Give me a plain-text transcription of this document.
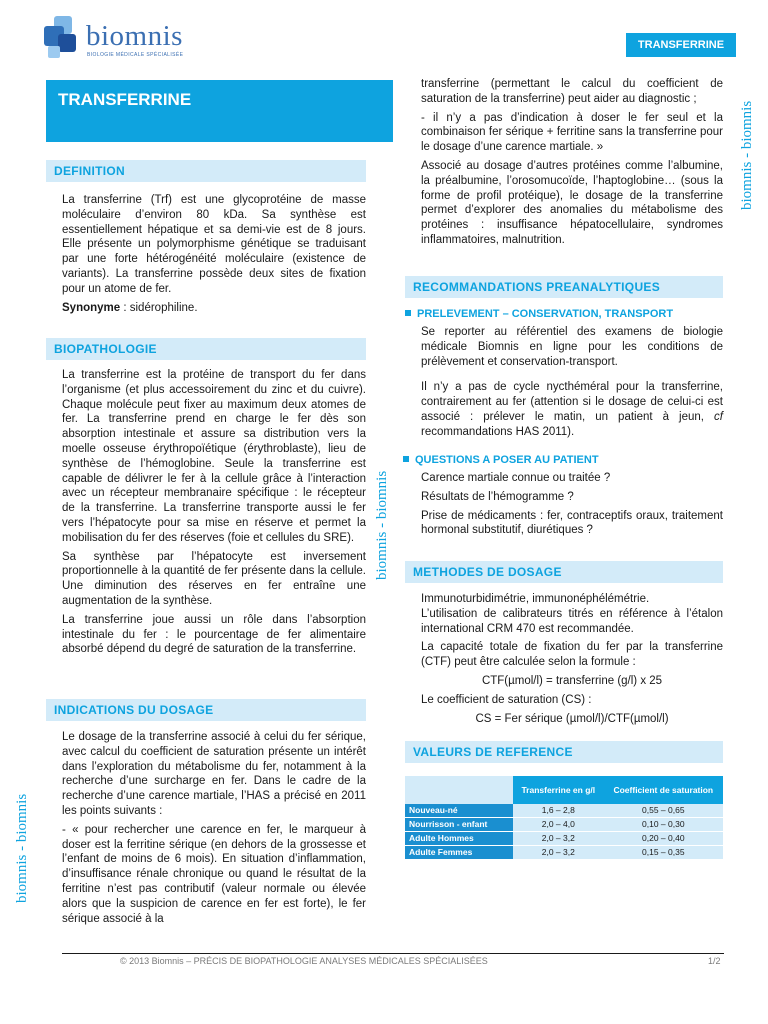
biomnis
BIOLOGIE MÉDICALE SPÉCIALISÉE
TRANSFERRINE
TRANSFERRINE
biomnis - biomnis
biomnis - biomnis
biomnis - biomnis
DEFINITION

La transferrine (Trf) est une glycoprotéine de masse moléculaire d’environ 80 kDa. Sa synthèse est essentiellement hépatique et sa demi-vie est de 8 jours. Elle présente un polymorphisme génétique se traduisant par une forte hétérogénéité moléculaire (existence de variants). La transferrine possède deux sites de fixation pour un atome de fer.

Synonyme : sidérophiline.

BIOPATHOLOGIE

La transferrine est la protéine de transport du fer dans l’organisme (et plus accessoirement du zinc et du cuivre). Chaque molécule peut fixer au maximum deux atomes de fer. La transferrine prend en charge le fer dès son absorption intestinale et assure sa distribution vers la moelle osseuse érythropoïétique (érythroblaste), lieu de synthèse de l’hémoglobine. Seule la transferrine est capable de délivrer le fer à la cellule grâce à l’interaction avec un récepteur membranaire spécifique : le récepteur de la transferrine. La transferrine transporte aussi le fer vers l’hépatocyte pour sa mise en réserve et permet la mobilisation du fer des réserves (foie et cellules du SRE).

Sa synthèse par l’hépatocyte est inversement proportionnelle à la quantité de fer présente dans la cellule. Une diminution des réserves en fer entraîne une augmentation de la synthèse.

La transferrine joue aussi un rôle dans l’absorption intestinale du fer : le pourcentage de fer alimentaire absorbé dépend du degré de saturation de la transferrine.

INDICATIONS DU DOSAGE

Le dosage de la transferrine associé à celui du fer sérique, avec calcul du coefficient de saturation présente un intérêt dans l’exploration du métabolisme du fer, notamment à la recherche d’une surcharge en fer. Dans le cadre de la recherche d’une carence martiale, l’HAS a précisé en 2011 les points suivants :

- « pour rechercher une carence en fer, le marqueur à doser est la ferritine sérique (en dehors de la grossesse et l’enfant de moins de 6 mois). En situation d’inflammation, d’insuffisance rénale chronique ou quand le résultat de la ferritine n’est pas contributif (valeur normale ou élevée alors que la suspicion de carence en fer est forte), le fer sérique associé à la

transferrine (permettant le calcul du coefficient de saturation de la transferrine) peut aider au diagnostic ;

- il n’y a pas d’indication à doser le fer seul et la combinaison fer sérique + ferritine sans la transferrine pour le dosage d’une carence martiale. »

Associé au dosage d’autres protéines comme l’albumine, la préalbumine, l’orosomucoïde, l’haptoglobine… (sous la forme de profil protéique), le dosage de la transferrine permet d’explorer des anomalies du métabolisme des protéines : insuffisance hépatocellulaire, syndromes inflammatoires, malnutrition.

RECOMMANDATIONS PREANALYTIQUES
PRELEVEMENT – CONSERVATION, TRANSPORT

Se reporter au référentiel des examens de biologie médicale Biomnis en ligne pour les conditions de prélèvement et conservation-transport.

Il n’y a pas de cycle nycthéméral pour la transferrine, contrairement au fer (attention si le dosage de celui-ci est associé : prélever le matin, un patient à jeun, cf recommandations HAS 2011).

QUESTIONS A POSER AU PATIENT

Carence martiale connue ou traitée ?

Résultats de l’hémogramme ?

Prise de médicaments : fer, contraceptifs oraux, traitement hormonal substitutif, diurétiques ?

METHODES DE DOSAGE

Immunoturbidimétrie, immunonéphélémétrie.

L’utilisation de calibrateurs titrés en référence à l’étalon international CRM 470 est recommandée.

La capacité totale de fixation du fer par la transferrine (CTF) peut être calculée selon la formule :

CTF(µmol/l) = transferrine (g/l) x 25

Le coefficient de saturation (CS) :

CS = Fer sérique (µmol/l)/CTF(µmol/l)

VALEURS DE REFERENCE
	Transferrine en g/l	Coefficient de saturation
Nouveau-né	1,6 – 2,8	0,55 – 0,65
Nourrisson - enfant	2,0 – 4,0	0,10 – 0,30
Adulte Hommes	2,0 – 3,2	0,20 – 0,40
Adulte Femmes	2,0 – 3,2	0,15 – 0,35
© 2013 Biomnis – PRÉCIS DE BIOPATHOLOGIE ANALYSES MÉDICALES SPÉCIALISÉES	1/2
